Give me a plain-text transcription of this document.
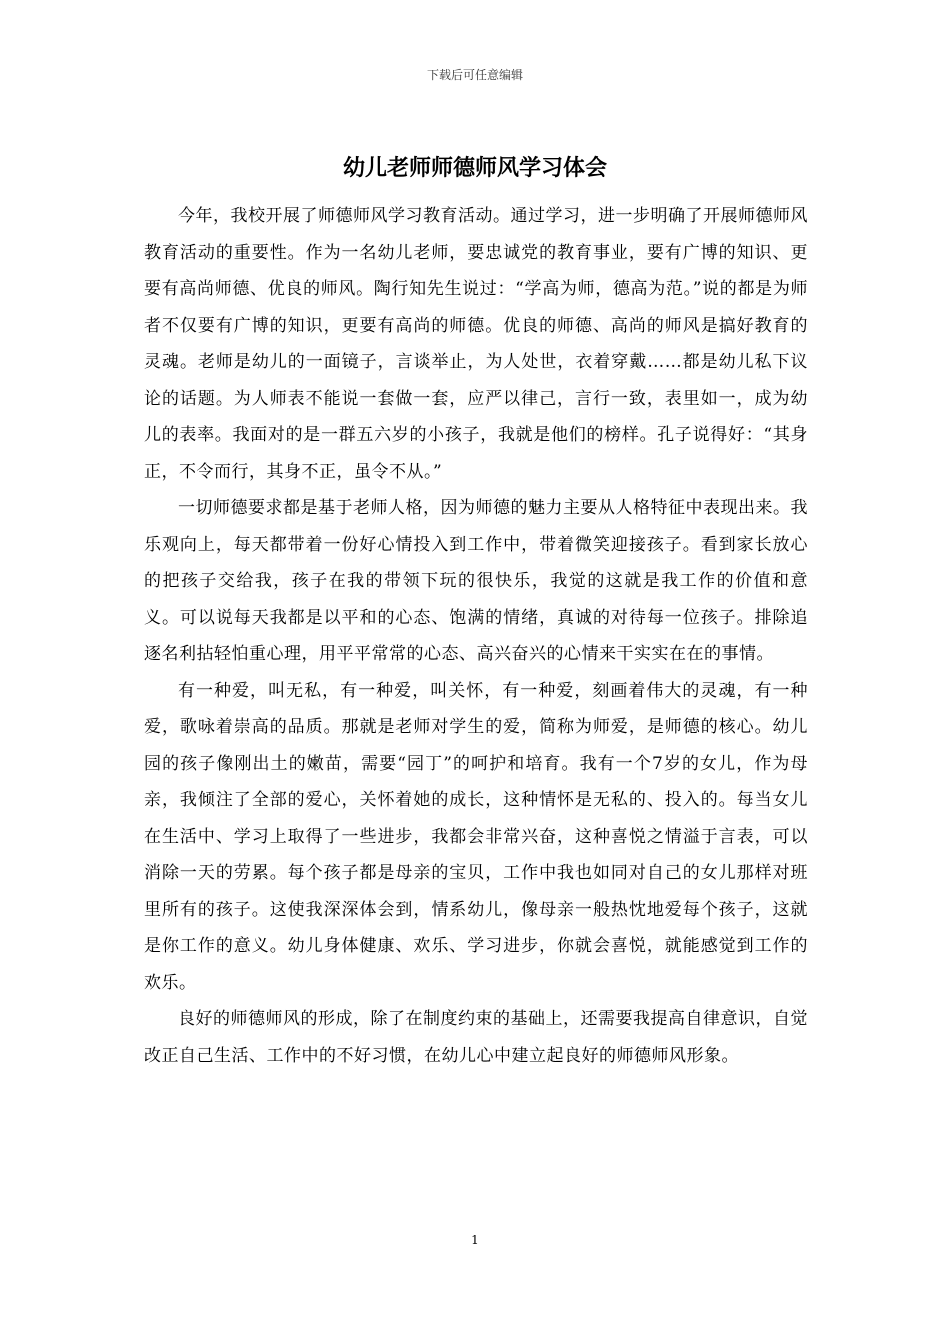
下载后可任意编辑
幼儿老师师德师风学习体会

今年，我校开展了师德师风学习教育活动。通过学习，进一步明确了开展师德师风教育活动的重要性。作为一名幼儿老师，要忠诚党的教育事业，要有广博的知识、更要有高尚师德、优良的师风。陶行知先生说过：“学高为师，德高为范。”说的都是为师者不仅要有广博的知识，更要有高尚的师德。优良的师德、高尚的师风是搞好教育的灵魂。老师是幼儿的一面镜子，言谈举止，为人处世，衣着穿戴……都是幼儿私下议论的话题。为人师表不能说一套做一套，应严以律己，言行一致，表里如一，成为幼儿的表率。我面对的是一群五六岁的小孩子，我就是他们的榜样。孔子说得好：“其身正，不令而行，其身不正，虽令不从。”

一切师德要求都是基于老师人格，因为师德的魅力主要从人格特征中表现出来。我乐观向上，每天都带着一份好心情投入到工作中，带着微笑迎接孩子。看到家长放心的把孩子交给我，孩子在我的带领下玩的很快乐，我觉的这就是我工作的价值和意义。可以说每天我都是以平和的心态、饱满的情绪，真诚的对待每一位孩子。排除追逐名利拈轻怕重心理，用平平常常的心态、高兴奋兴的心情来干实实在在的事情。

有一种爱，叫无私，有一种爱，叫关怀，有一种爱，刻画着伟大的灵魂，有一种爱，歌咏着崇高的品质。那就是老师对学生的爱，简称为师爱，是师德的核心。幼儿园的孩子像刚出土的嫩苗，需要“园丁”的呵护和培育。我有一个7岁的女儿，作为母亲，我倾注了全部的爱心，关怀着她的成长，这种情怀是无私的、投入的。每当女儿在生活中、学习上取得了一些进步，我都会非常兴奋，这种喜悦之情溢于言表，可以消除一天的劳累。每个孩子都是母亲的宝贝，工作中我也如同对自己的女儿那样对班里所有的孩子。这使我深深体会到，情系幼儿，像母亲一般热忱地爱每个孩子，这就是你工作的意义。幼儿身体健康、欢乐、学习进步，你就会喜悦，就能感觉到工作的欢乐。

良好的师德师风的形成，除了在制度约束的基础上，还需要我提高自律意识，自觉改正自己生活、工作中的不好习惯，在幼儿心中建立起良好的师德师风形象。

1
